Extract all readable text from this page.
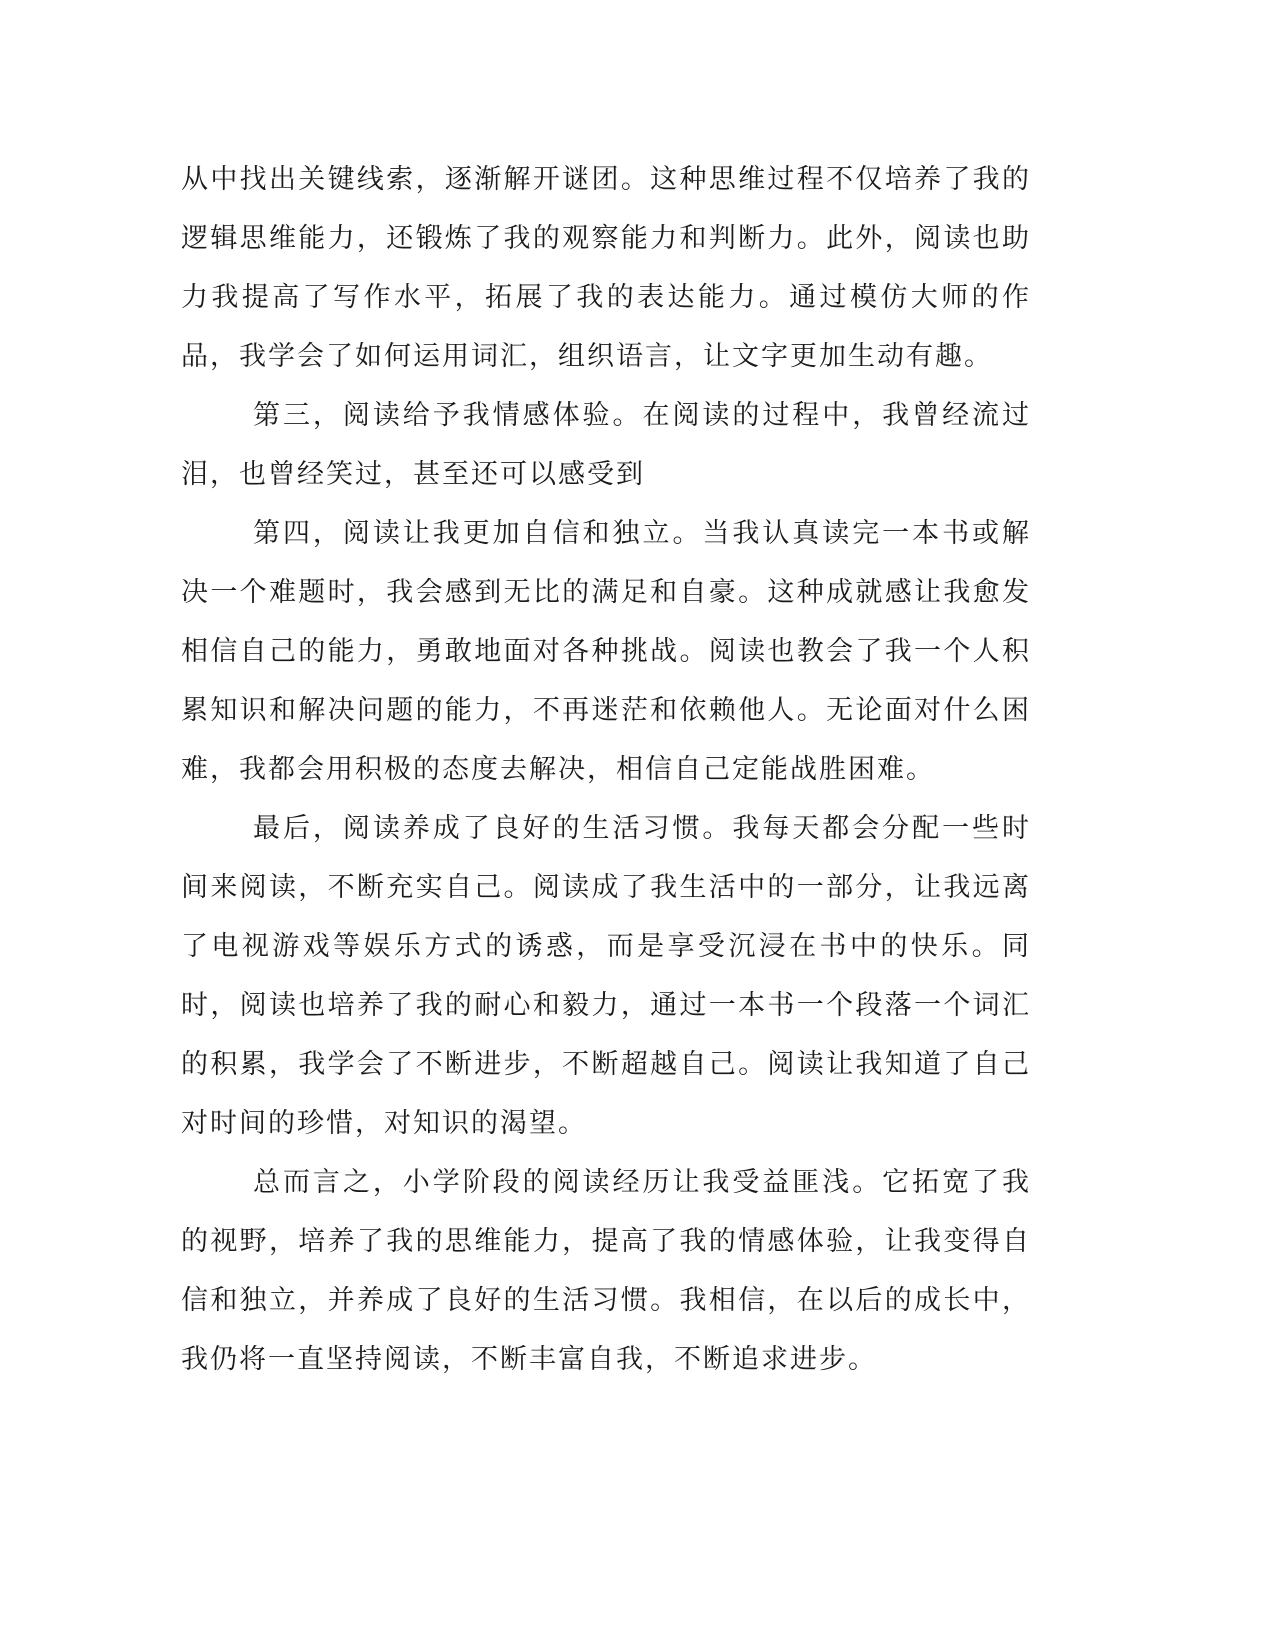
从中找出关键线索，逐渐解开谜团。这种思维过程不仅培养了我的逻辑思维能力，还锻炼了我的观察能力和判断力。此外，阅读也助力我提高了写作水平，拓展了我的表达能力。通过模仿大师的作品，我学会了如何运用词汇，组织语言，让文字更加生动有趣。

第三，阅读给予我情感体验。在阅读的过程中，我曾经流过泪，也曾经笑过，甚至还可以感受到

第四，阅读让我更加自信和独立。当我认真读完一本书或解决一个难题时，我会感到无比的满足和自豪。这种成就感让我愈发相信自己的能力，勇敢地面对各种挑战。阅读也教会了我一个人积累知识和解决问题的能力，不再迷茫和依赖他人。无论面对什么困难，我都会用积极的态度去解决，相信自己定能战胜困难。

最后，阅读养成了良好的生活习惯。我每天都会分配一些时间来阅读，不断充实自己。阅读成了我生活中的一部分，让我远离了电视游戏等娱乐方式的诱惑，而是享受沉浸在书中的快乐。同时，阅读也培养了我的耐心和毅力，通过一本书一个段落一个词汇的积累，我学会了不断进步，不断超越自己。阅读让我知道了自己对时间的珍惜，对知识的渴望。

总而言之，小学阶段的阅读经历让我受益匪浅。它拓宽了我的视野，培养了我的思维能力，提高了我的情感体验，让我变得自信和独立，并养成了良好的生活习惯。我相信，在以后的成长中，我仍将一直坚持阅读，不断丰富自我，不断追求进步。
